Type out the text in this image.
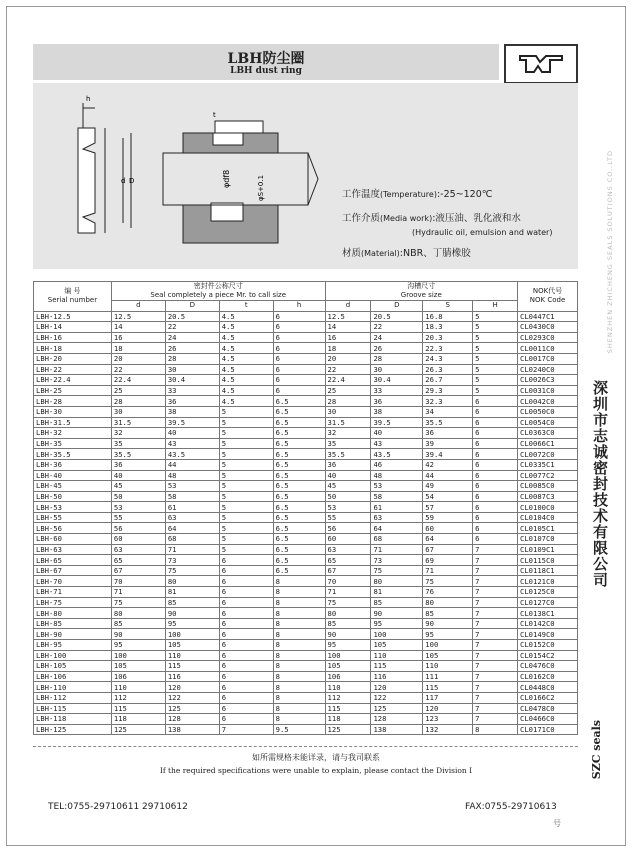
LBH防尘圈
LBH dust ring
d D
h
φdf8	φS+0.1
t
工作温度(Temperature):-25~120℃
工作介质(Media work):液压油、乳化液和水
(Hydraulic oil, emulsion and water)
材质(Material):NBR、丁腈橡胶
编 号
Serial number	密封件公称尺寸
Seal completely a piece Mr. to call size				沟槽尺寸
Groove size				NOK代号
NOK Code
	d	D	t	h	d	D	S	H	
LBH-12.5	12.5	20.5	4.5	6	12.5	20.5	16.8	5	CL0447C1
LBH-14	14	22	4.5	6	14	22	18.3	5	CL0430C0
LBH-16	16	24	4.5	6	16	24	20.3	5	CL0293C0
LBH-18	18	26	4.5	6	18	26	22.3	5	CL0011C0
LBH-20	20	28	4.5	6	20	28	24.3	5	CL0017C0
LBH-22	22	30	4.5	6	22	30	26.3	5	CL0240C0
LBH-22.4	22.4	30.4	4.5	6	22.4	30.4	26.7	5	CL0026C3
LBH-25	25	33	4.5	6	25	33	29.3	5	CL0031C0
LBH-28	28	36	4.5	6.5	28	36	32.3	6	CL0042C0
LBH-30	30	38	5	6.5	30	38	34	6	CL0050C0
LBH-31.5	31.5	39.5	5	6.5	31.5	39.5	35.5	6	CL0054C0
LBH-32	32	40	5	6.5	32	40	36	6	CL0363C0
LBH-35	35	43	5	6.5	35	43	39	6	CL0066C1
LBH-35.5	35.5	43.5	5	6.5	35.5	43.5	39.4	6	CL0072C0
LBH-36	36	44	5	6.5	36	46	42	6	CL0335C1
LBH-40	40	48	5	6.5	40	48	44	6	CL0077C2
LBH-45	45	53	5	6.5	45	53	49	6	CL0085C0
LBH-50	50	58	5	6.5	50	58	54	6	CL0087C3
LBH-53	53	61	5	6.5	53	61	57	6	CL0100C0
LBH-55	55	63	5	6.5	55	63	59	6	CL0104C0
LBH-56	56	64	5	6.5	56	64	60	6	CL0105C1
LBH-60	60	68	5	6.5	60	68	64	6	CL0107C0
LBH-63	63	71	5	6.5	63	71	67	7	CL0109C1
LBH-65	65	73	6	6.5	65	73	69	7	CL0115C0
LBH-67	67	75	6	6.5	67	75	71	7	CL0118C1
LBH-70	70	80	6	8	70	80	75	7	CL0121C0
LBH-71	71	81	6	8	71	81	76	7	CL0125C0
LBH-75	75	85	6	8	75	85	80	7	CL0127C0
LBH-80	80	90	6	8	80	90	85	7	CL0138C1
LBH-85	85	95	6	8	85	95	90	7	CL0142C0
LBH-90	90	100	6	8	90	100	95	7	CL0149C0
LBH-95	95	105	6	8	95	105	100	7	CL0152C0
LBH-100	100	110	6	8	100	110	105	7	CL0154C2
LBH-105	105	115	6	8	105	115	110	7	CL0476C0
LBH-106	106	116	6	8	106	116	111	7	CL0162C0
LBH-110	110	120	6	8	110	120	115	7	CL0448C0
LBH-112	112	122	6	8	112	122	117	7	CL0166C2
LBH-115	115	125	6	8	115	125	120	7	CL0478C0
LBH-118	118	128	6	8	118	128	123	7	CL0466C0
LBH-125	125	138	7	9.5	125	138	132	8	CL0171C0
如所需规格未能详录，请与我司联系
If the required specifications were unable to explain, please contact the Division I
TEL:0755-29710611 29710612	FAX:0755-29710613
号
深圳市志诚密封技术有限公司
SHENZHEN ZHICHENG SEALS SOLUTIONS CO.,LTD
SZC seals
